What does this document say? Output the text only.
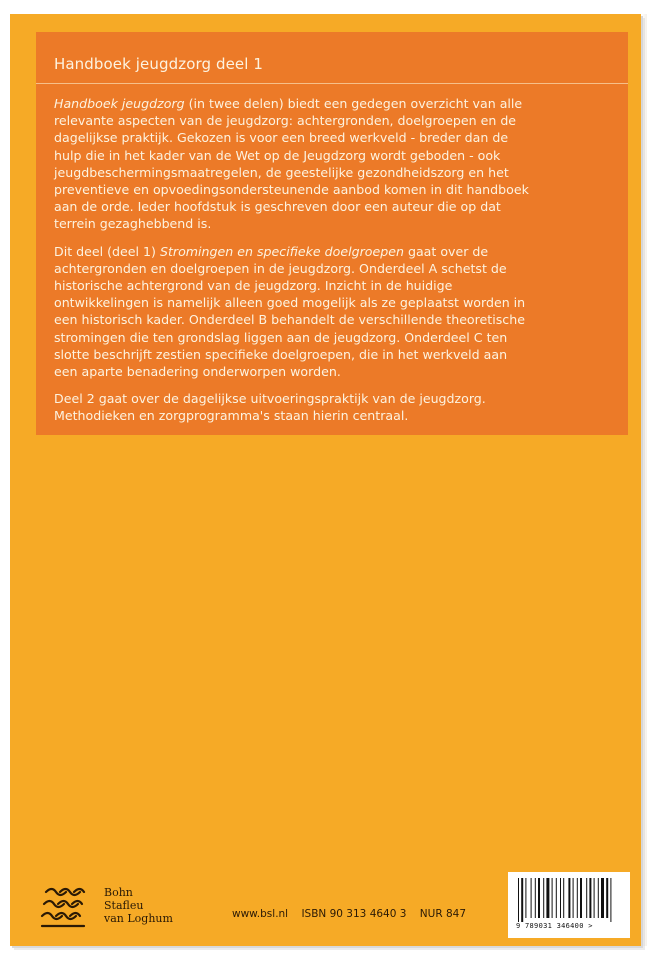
Handboek jeugdzorg deel 1

Handboek jeugdzorg (in twee delen) biedt een gedegen overzicht van alle relevante aspecten van de jeugdzorg: achtergronden, doelgroepen en de dagelijkse praktijk. Gekozen is voor een breed werkveld - breder dan de hulp die in het kader van de Wet op de Jeugdzorg wordt geboden - ook jeugdbeschermingsmaatregelen, de geestelijke gezondheidszorg en het preventieve en opvoedingsondersteunende aanbod komen in dit handboek aan de orde. Ieder hoofdstuk is geschreven door een auteur die op dat terrein gezaghebbend is.

Dit deel (deel 1) Stromingen en specifieke doelgroepen gaat over de achtergronden en doelgroepen in de jeugdzorg. Onderdeel A schetst de historische achtergrond van de jeugdzorg. Inzicht in de huidige ontwikkelingen is namelijk alleen goed mogelijk als ze geplaatst worden in een historisch kader. Onderdeel B behandelt de verschillende theoretische stromingen die ten grondslag liggen aan de jeugdzorg. Onderdeel C ten slotte beschrijft zestien specifieke doelgroepen, die in het werkveld aan een aparte benadering onderworpen worden.

Deel 2 gaat over de dagelijkse uitvoeringspraktijk van de jeugdzorg. Methodieken en zorgprogramma's staan hierin centraal.

Bohn
Stafleu
van Loghum	www.bsl.nl ISBN 90 313 4640 3 NUR 847
9 789031 346400 >
